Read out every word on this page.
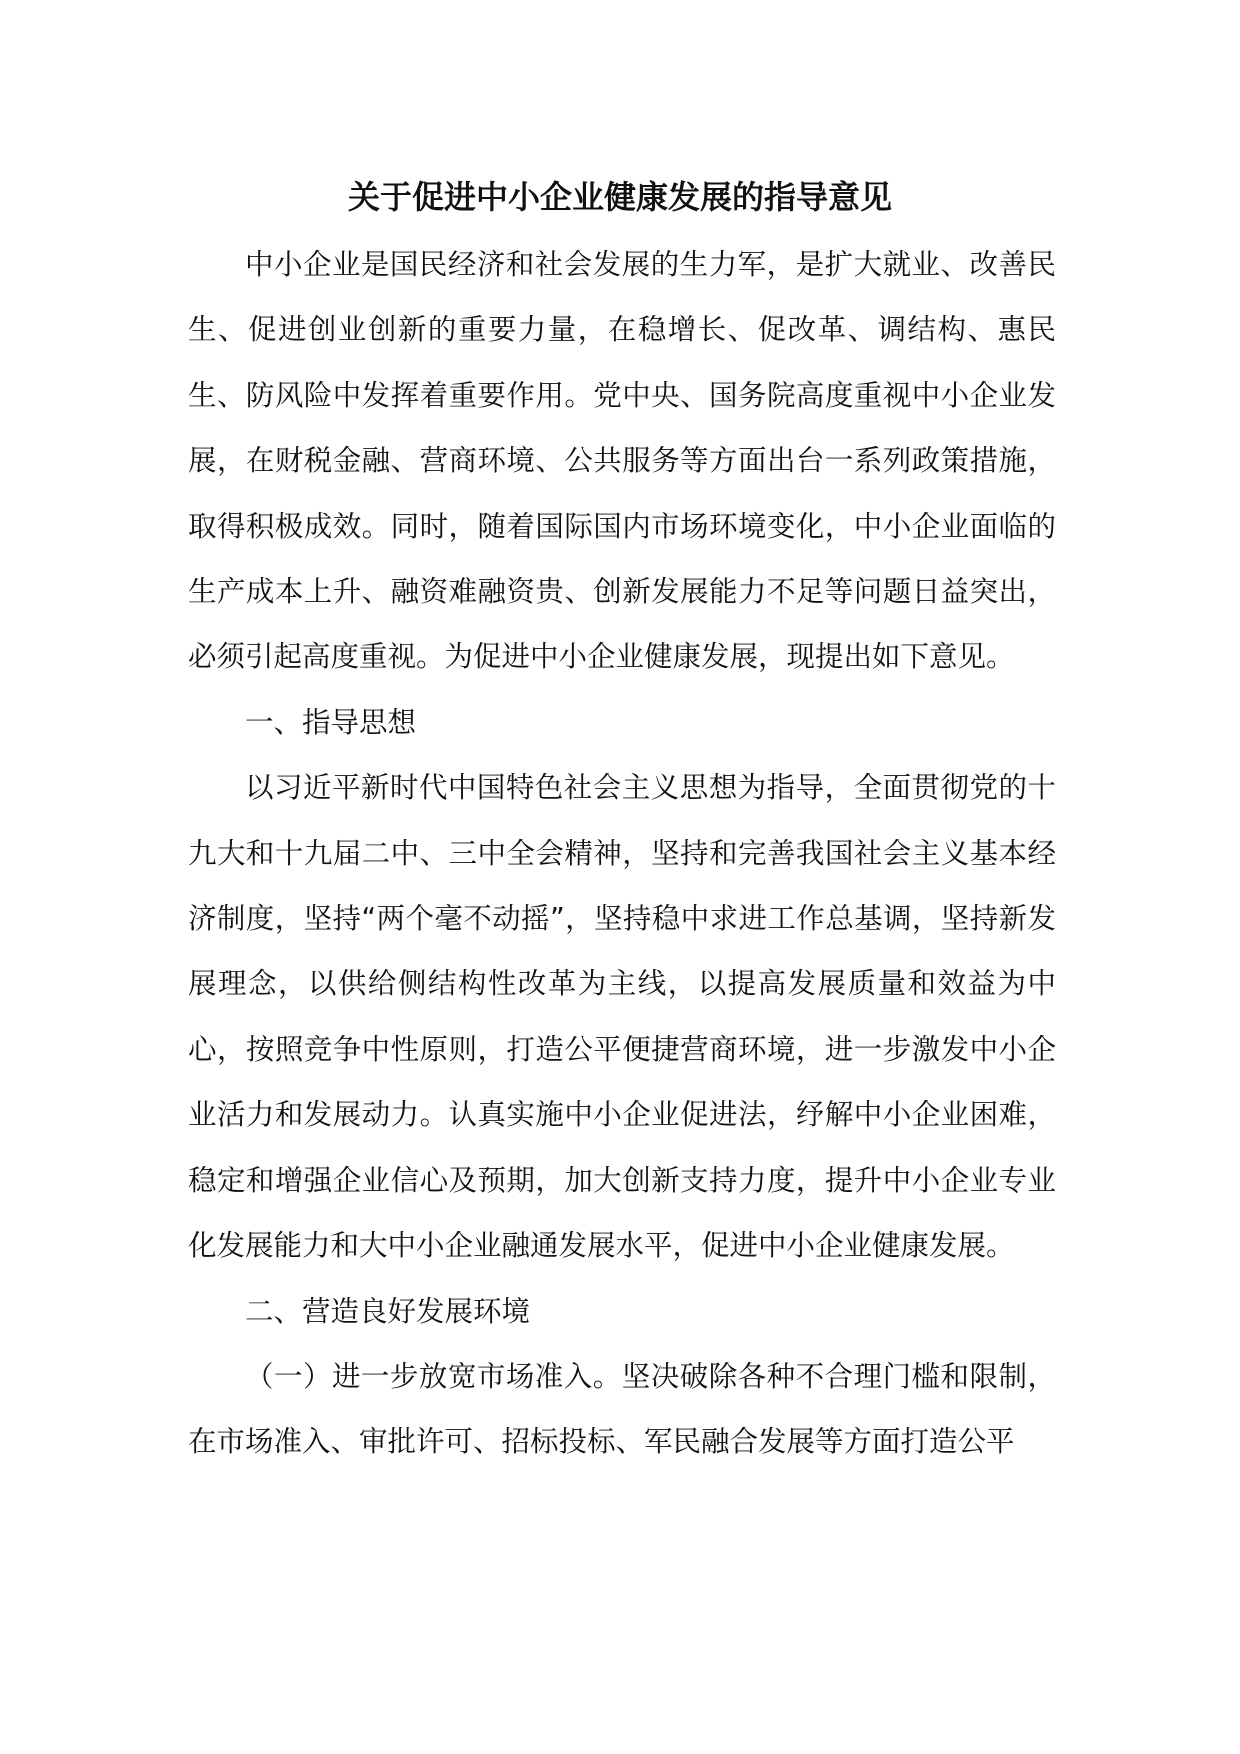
关于促进中小企业健康发展的指导意见

中小企业是国民经济和社会发展的生力军，是扩大就业、改善民生、促进创业创新的重要力量，在稳增长、促改革、调结构、惠民生、防风险中发挥着重要作用。党中央、国务院高度重视中小企业发展，在财税金融、营商环境、公共服务等方面出台一系列政策措施，取得积极成效。同时，随着国际国内市场环境变化，中小企业面临的生产成本上升、融资难融资贵、创新发展能力不足等问题日益突出，必须引起高度重视。为促进中小企业健康发展，现提出如下意见。

一、指导思想

以习近平新时代中国特色社会主义思想为指导，全面贯彻党的十九大和十九届二中、三中全会精神，坚持和完善我国社会主义基本经济制度，坚持“两个毫不动摇”，坚持稳中求进工作总基调，坚持新发展理念，以供给侧结构性改革为主线，以提高发展质量和效益为中心，按照竞争中性原则，打造公平便捷营商环境，进一步激发中小企业活力和发展动力。认真实施中小企业促进法，纾解中小企业困难，稳定和增强企业信心及预期，加大创新支持力度，提升中小企业专业化发展能力和大中小企业融通发展水平，促进中小企业健康发展。

二、营造良好发展环境

（一）进一步放宽市场准入。坚决破除各种不合理门槛和限制，在市场准入、审批许可、招标投标、军民融合发展等方面打造公平
